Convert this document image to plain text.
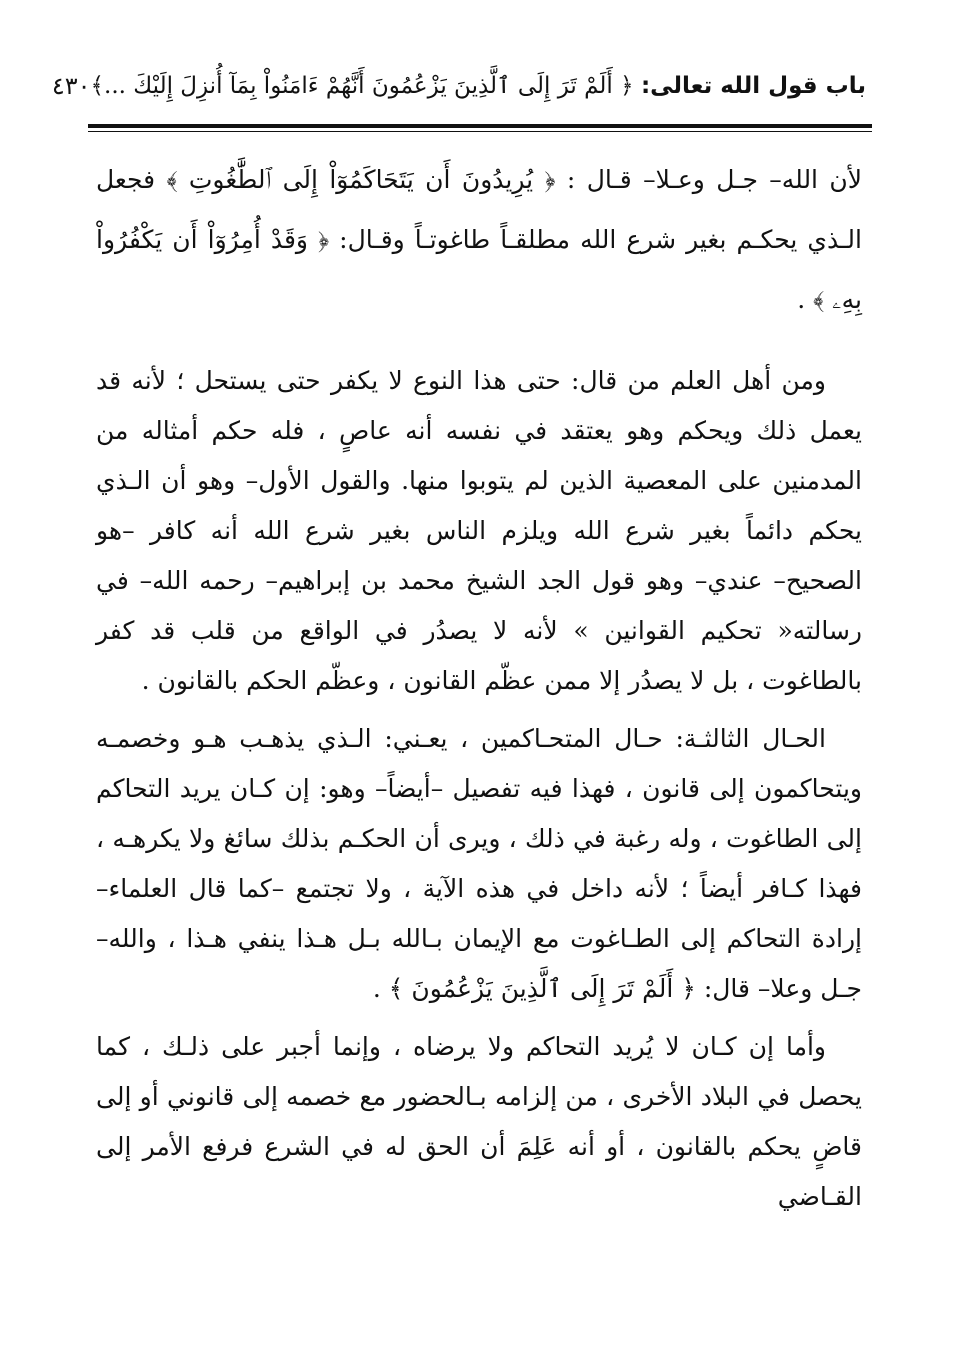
باب قول الله تعالى: ﴿ أَلَمْ تَرَ إِلَى ٱلَّذِينَ يَزْعُمُونَ أَنَّهُمْ ءَامَنُواْ بِمَآ أُنزِلَ إِلَيْكَ ...﴾
٤٣٠

لأن الله– جـل وعـلا– قـال : ﴿ يُرِيدُونَ أَن يَتَحَاكَمُوٓاْ إِلَى ٱلطَّٰغُوتِ ﴾ فجعل الـذي يحكـم بغير شرع الله مطلقـاً طاغوتـاً وقـال: ﴿ وَقَدْ أُمِرُوٓاْ أَن يَكْفُرُواْ بِهِۦ ﴾ .

ومن أهل العلم من قال: حتى هذا النوع لا يكفر حتى يستحل ؛ لأنه قد يعمل ذلك ويحكم وهو يعتقد في نفسه أنه عاصٍ ، فله حكم أمثاله من المدمنين على المعصية الذين لم يتوبوا منها. والقول الأول– وهو أن الـذي يحكم دائماً بغير شرع الله ويلزم الناس بغير شرع الله أنه كافر –هو الصحيح– عندي– وهو قول الجد الشيخ محمد بن إبراهيم– رحمه الله– في رسالته« تحكيم القوانين » لأنه لا يصدُر في الواقع من قلب قد كفر بالطاغوت ، بل لا يصدُر إلا ممن عظّم القانون ، وعظّم الحكم بالقانون .

الحـال الثالثـة: حـال المتحـاكمين ، يعـني: الـذي يذهـب هـو وخصمـه ويتحاكمون إلى قانون ، فهذا فيه تفصيل –أيضاً– وهو: إن كـان يريد التحاكم إلى الطاغوت ، وله رغبة في ذلك ، ويرى أن الحكـم بذلك سائغ ولا يكرهـه ، فهذا كـافر أيضاً ؛ لأنه داخل في هذه الآية ، ولا تجتمع –كما قال العلماء– إرادة التحاكم إلى الطـاغوت مع الإيمان بـالله بـل هـذا ينفي هـذا ، والله– جـل وعلا– قال: ﴿ أَلَمْ تَرَ إِلَى ٱلَّذِينَ يَزْعُمُونَ ﴾ .

وأما إن كـان لا يُريد التحاكم ولا يرضاه ، وإنما أجبر على ذلـك ، كما يحصل في البلاد الأخرى ، من إلزامه بـالحضور مع خصمه إلى قانوني أو إلى قاضٍ يحكم بالقانون ، أو أنه عَلِمَ أن الحق له في الشرع فرفع الأمر إلى القـاضي
